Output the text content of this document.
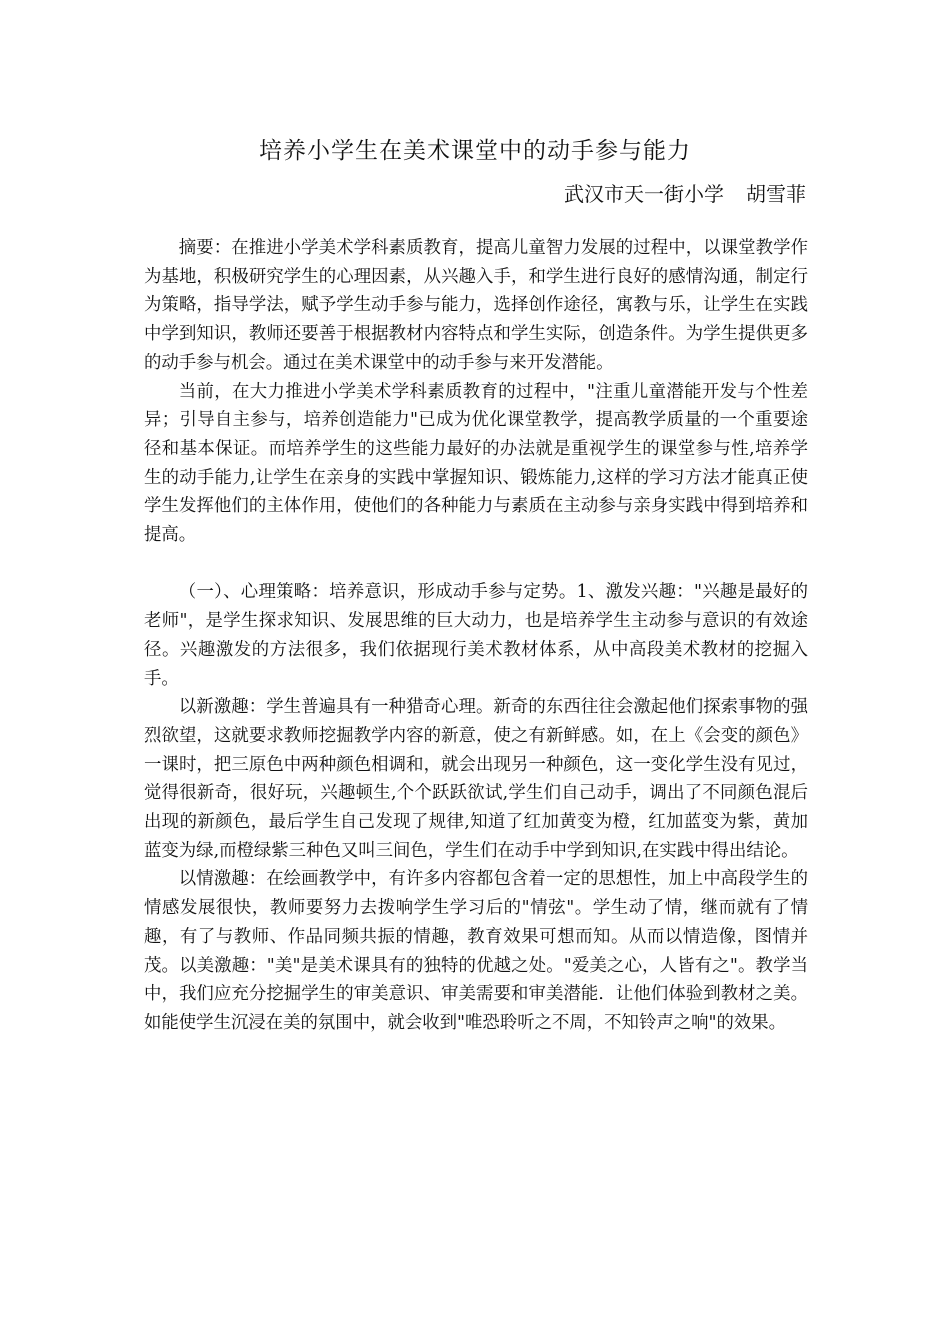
培养小学生在美术课堂中的动手参与能力
武汉市天一街小学 胡雪菲

摘要：在推进小学美术学科素质教育，提高儿童智力发展的过程中，以课堂教学作为基地，积极研究学生的心理因素，从兴趣入手，和学生进行良好的感情沟通，制定行为策略，指导学法，赋予学生动手参与能力，选择创作途径，寓教与乐，让学生在实践中学到知识，教师还要善于根据教材内容特点和学生实际，创造条件。为学生提供更多的动手参与机会。通过在美术课堂中的动手参与来开发潜能。

当前，在大力推进小学美术学科素质教育的过程中，"注重儿童潜能开发与个性差异；引导自主参与，培养创造能力"已成为优化课堂教学，提高教学质量的一个重要途径和基本保证。而培养学生的这些能力最好的办法就是重视学生的课堂参与性,培养学生的动手能力,让学生在亲身的实践中掌握知识、锻炼能力,这样的学习方法才能真正使学生发挥他们的主体作用，使他们的各种能力与素质在主动参与亲身实践中得到培养和提高。

（一）、心理策略：培养意识，形成动手参与定势。1、激发兴趣："兴趣是最好的老师"，是学生探求知识、发展思维的巨大动力，也是培养学生主动参与意识的有效途径。兴趣激发的方法很多，我们依据现行美术教材体系，从中高段美术教材的挖掘入手。

以新激趣：学生普遍具有一种猎奇心理。新奇的东西往往会激起他们探索事物的强烈欲望，这就要求教师挖掘教学内容的新意，使之有新鲜感。如，在上《会变的颜色》一课时，把三原色中两种颜色相调和，就会出现另一种颜色，这一变化学生没有见过，觉得很新奇，很好玩，兴趣顿生,个个跃跃欲试,学生们自己动手，调出了不同颜色混后出现的新颜色，最后学生自己发现了规律,知道了红加黄变为橙，红加蓝变为紫，黄加蓝变为绿,而橙绿紫三种色又叫三间色，学生们在动手中学到知识,在实践中得出结论。

以情激趣：在绘画教学中，有许多内容都包含着一定的思想性，加上中高段学生的情感发展很快，教师要努力去拨响学生学习后的"情弦"。学生动了情，继而就有了情趣，有了与教师、作品同频共振的情趣，教育效果可想而知。从而以情造像，图情并茂。以美激趣："美"是美术课具有的独特的优越之处。"爱美之心，人皆有之"。教学当中，我们应充分挖掘学生的审美意识、审美需要和审美潜能．让他们体验到教材之美。如能使学生沉浸在美的氛围中，就会收到"唯恐聆听之不周，不知铃声之响"的效果。
